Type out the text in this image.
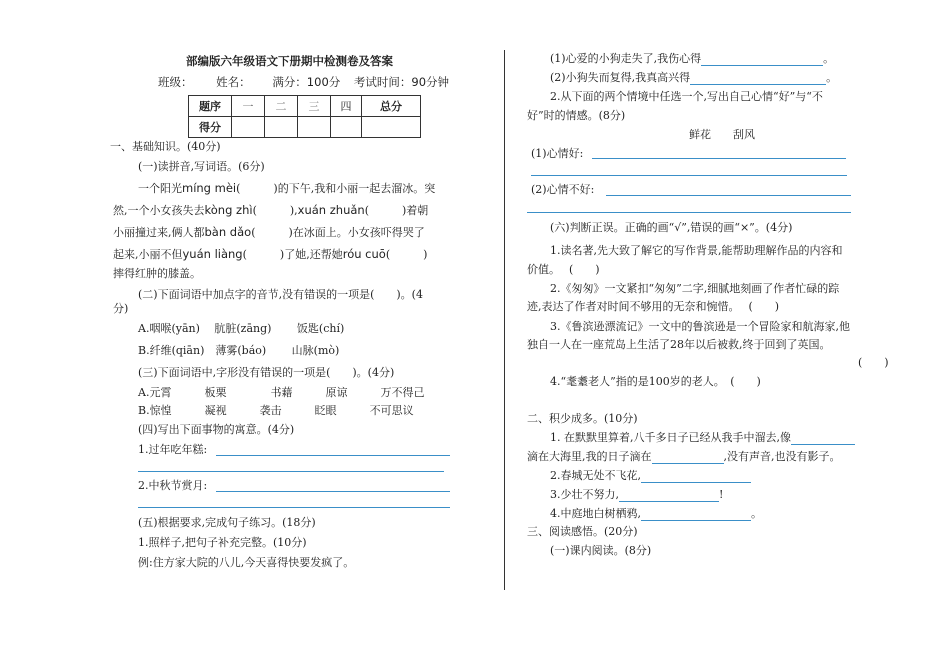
部编版六年级语文下册期中检测卷及答案
班级： 姓名： 满分：100分 考试时间：90分钟
题序	一	二	三	四	总分
得分					
一、基础知识。(40分)
(一)读拼音,写词语。(6分)
一个阳光míng mèi(　　　)的下午,我和小丽一起去溜冰。突
然,一个小女孩失去kòng zhì(　　　),xuán zhuǎn(　　　)着朝
小丽撞过来,俩人都bàn dǎo(　　　)在冰面上。小女孩吓得哭了
起来,小丽不但yuán liàng(　　　)了她,还帮她róu cuō(　　　)
摔得红肿的膝盖。
(二)下面词语中加点字的音节,没有错误的一项是(　　)。(4
分)
A.咽喉(yān)　 肮脏(zāng)　　 饭匙(chí)
B.纤维(qiān)　薄雾(báo)　　 山脉(mò)
(三)下面词语中,字形没有错误的一项是(　　)。(4分)
A.元霄　　　板栗　　　　书藉　　　原谅　　　万不得己
B.惊惶　　　凝视　　　袭击　　　眨眼　　　不可思议
(四)写出下面事物的寓意。(4分)
1.过年吃年糕:
2.中秋节赏月:
(五)根据要求,完成句子练习。(18分)
1.照样子,把句子补充完整。(10分)
例:住方家大院的八儿,今天喜得快要发疯了。
(1)心爱的小狗走失了,我伤心得	。
(2)小狗失而复得,我真高兴得	。
2.从下面的两个情境中任选一个,写出自己心情“好”与“不
好”时的情感。(8分)
鲜花　　刮风
(1)心情好:
(2)心情不好:
(六)判断正误。正确的画“√”,错误的画“×”。(4分)
1.读名著,先大致了解它的写作背景,能帮助理解作品的内容和
价值。　 (　　)
2.《匆匆》一文紧扣“匆匆”二字,细腻地刻画了作者忙碌的踪
迹,表达了作者对时间不够用的无奈和惋惜。　 (　　)
3.《鲁滨逊漂流记》一文中的鲁滨逊是一个冒险家和航海家,他
独自一人在一座荒岛上生活了28年以后被救,终于回到了英国。
(　　)
4.“耄耋老人”指的是100岁的老人。　(　　)
二、积少成多。(10分)
1. 在默默里算着,八千多日子已经从我手中溜去,像
滴在大海里,我的日子滴在	,没有声音,也没有影子。
2.春城无处不飞花,
3.少壮不努力,	!
4.中庭地白树栖鸦,	。
三、阅读感悟。(20分)
(一)课内阅读。(8分)
